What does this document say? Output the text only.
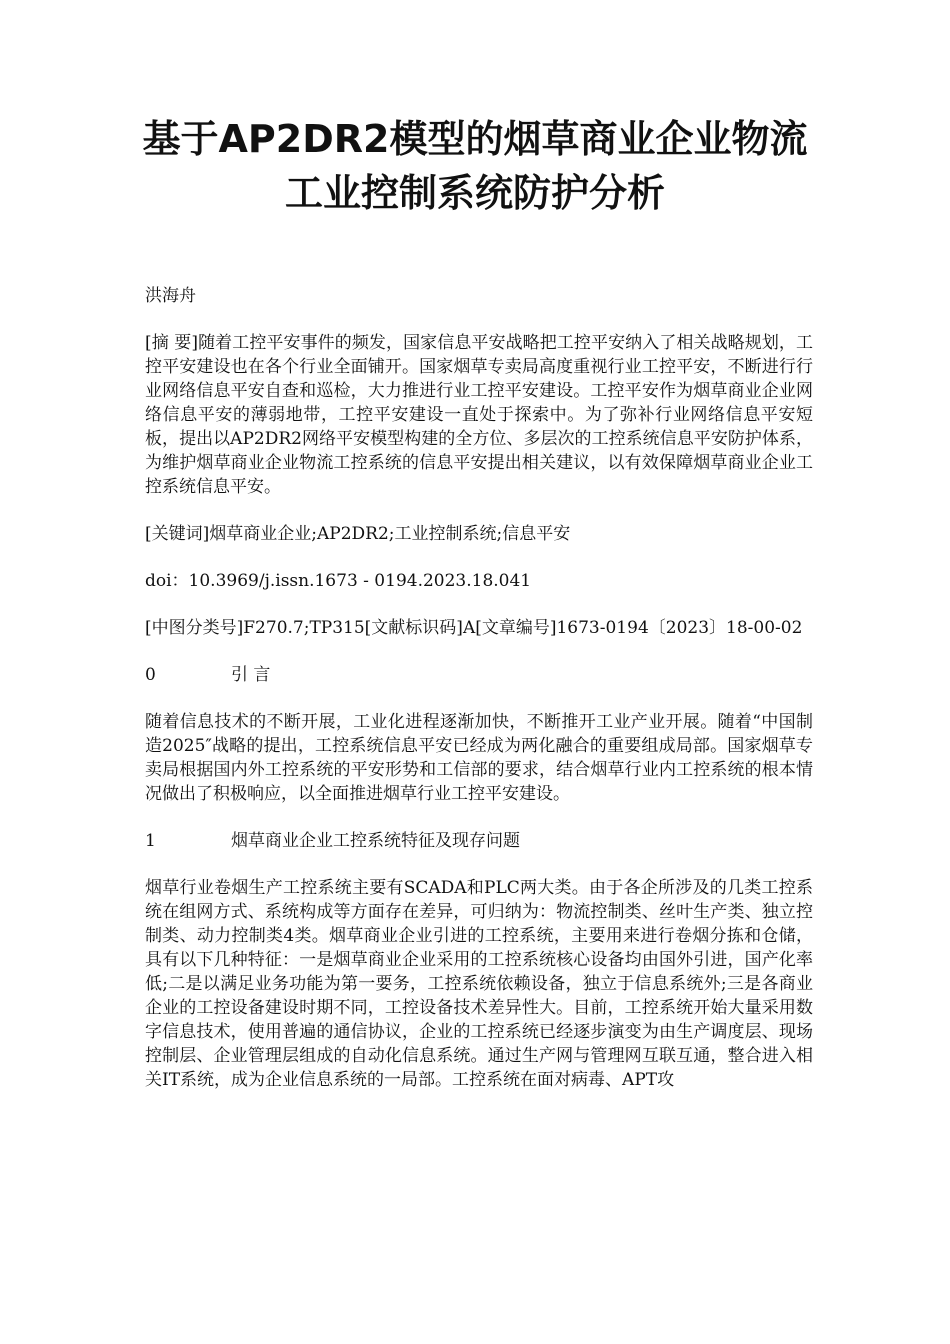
基于AP2DR2模型的烟草商业企业物流
工业控制系统防护分析

洪海舟

[摘 要]随着工控平安事件的频发，国家信息平安战略把工控平安纳入了相关战略规划，工控平安建设也在各个行业全面铺开。国家烟草专卖局高度重视行业工控平安，不断进行行业网络信息平安自查和巡检，大力推进行业工控平安建设。工控平安作为烟草商业企业网络信息平安的薄弱地带，工控平安建设一直处于探索中。为了弥补行业网络信息平安短板，提出以AP2DR2网络平安模型构建的全方位、多层次的工控系统信息平安防护体系，为维护烟草商业企业物流工控系统的信息平安提出相关建议，以有效保障烟草商业企业工控系统信息平安。

[关键词]烟草商业企业;AP2DR2;工业控制系统;信息平安

doi：10.3969/j.issn.1673 - 0194.2023.18.041

[中图分类号]F270.7;TP315[文献标识码]A[文章编号]1673-0194〔2023〕18-00-02

0	引 言

随着信息技术的不断开展，工业化进程逐渐加快，不断推开工业产业开展。随着“中国制造2025″战略的提出，工控系统信息平安已经成为两化融合的重要组成局部。国家烟草专卖局根据国内外工控系统的平安形势和工信部的要求，结合烟草行业内工控系统的根本情况做出了积极响应，以全面推进烟草行业工控平安建设。

1	烟草商业企业工控系统特征及现存问题

烟草行业卷烟生产工控系统主要有SCADA和PLC两大类。由于各企所涉及的几类工控系统在组网方式、系统构成等方面存在差异，可归纳为：物流控制类、丝叶生产类、独立控制类、动力控制类4类。烟草商业企业引进的工控系统，主要用来进行卷烟分拣和仓储，具有以下几种特征：一是烟草商业企业采用的工控系统核心设备均由国外引进，国产化率低;二是以满足业务功能为第一要务，工控系统依赖设备，独立于信息系统外;三是各商业企业的工控设备建设时期不同，工控设备技术差异性大。目前，工控系统开始大量采用数字信息技术，使用普遍的通信协议，企业的工控系统已经逐步演变为由生产调度层、现场控制层、企业管理层组成的自动化信息系统。通过生产网与管理网互联互通，整合进入相关IT系统，成为企业信息系统的一局部。工控系统在面对病毒、APT攻
